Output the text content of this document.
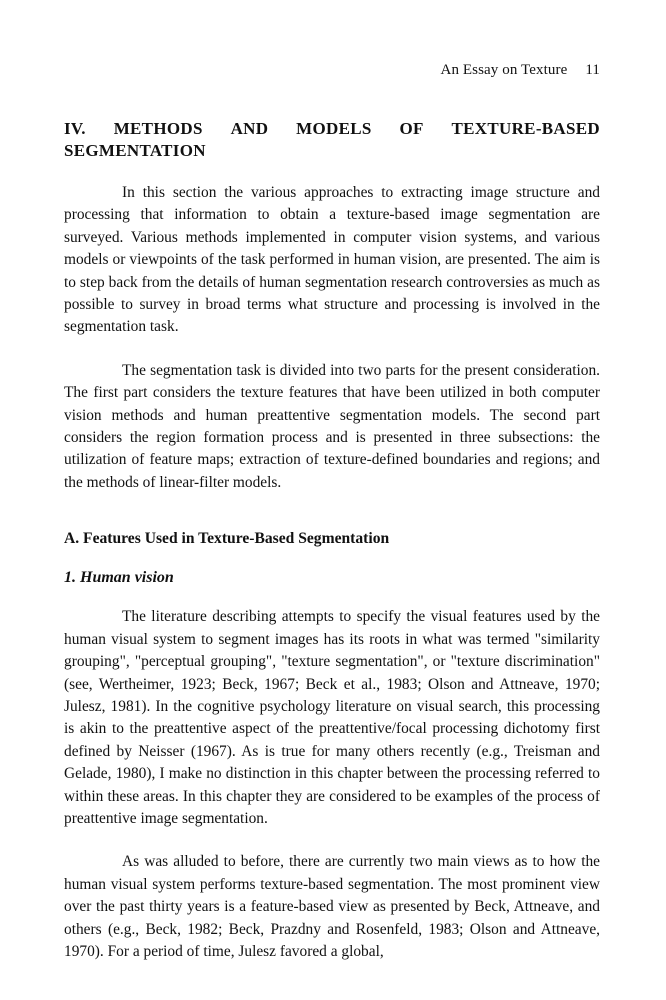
An Essay on Texture 11
IV. METHODS AND MODELS OF TEXTURE-BASED
SEGMENTATION

In this section the various approaches to extracting image structure and processing that information to obtain a texture-based image segmentation are surveyed. Various methods implemented in computer vision systems, and various models or viewpoints of the task performed in human vision, are presented. The aim is to step back from the details of human segmentation research controversies as much as possible to survey in broad terms what structure and processing is involved in the segmentation task.

The segmentation task is divided into two parts for the present consideration. The first part considers the texture features that have been utilized in both computer vision methods and human preattentive segmentation models. The second part considers the region formation process and is presented in three subsections: the utilization of feature maps; extraction of texture-defined boundaries and regions; and the methods of linear-filter models.

A. Features Used in Texture-Based Segmentation
1. Human vision

The literature describing attempts to specify the visual features used by the human visual system to segment images has its roots in what was termed "similarity grouping", "perceptual grouping", "texture segmentation", or "texture discrimination" (see, Wertheimer, 1923; Beck, 1967; Beck et al., 1983; Olson and Attneave, 1970; Julesz, 1981). In the cognitive psychology literature on visual search, this processing is akin to the preattentive aspect of the preattentive/focal processing dichotomy first defined by Neisser (1967). As is true for many others recently (e.g., Treisman and Gelade, 1980), I make no distinction in this chapter between the processing referred to within these areas. In this chapter they are considered to be examples of the process of preattentive image segmentation.

As was alluded to before, there are currently two main views as to how the human visual system performs texture-based segmentation. The most prominent view over the past thirty years is a feature-based view as presented by Beck, Attneave, and others (e.g., Beck, 1982; Beck, Prazdny and Rosenfeld, 1983; Olson and Attneave, 1970). For a period of time, Julesz favored a global,
